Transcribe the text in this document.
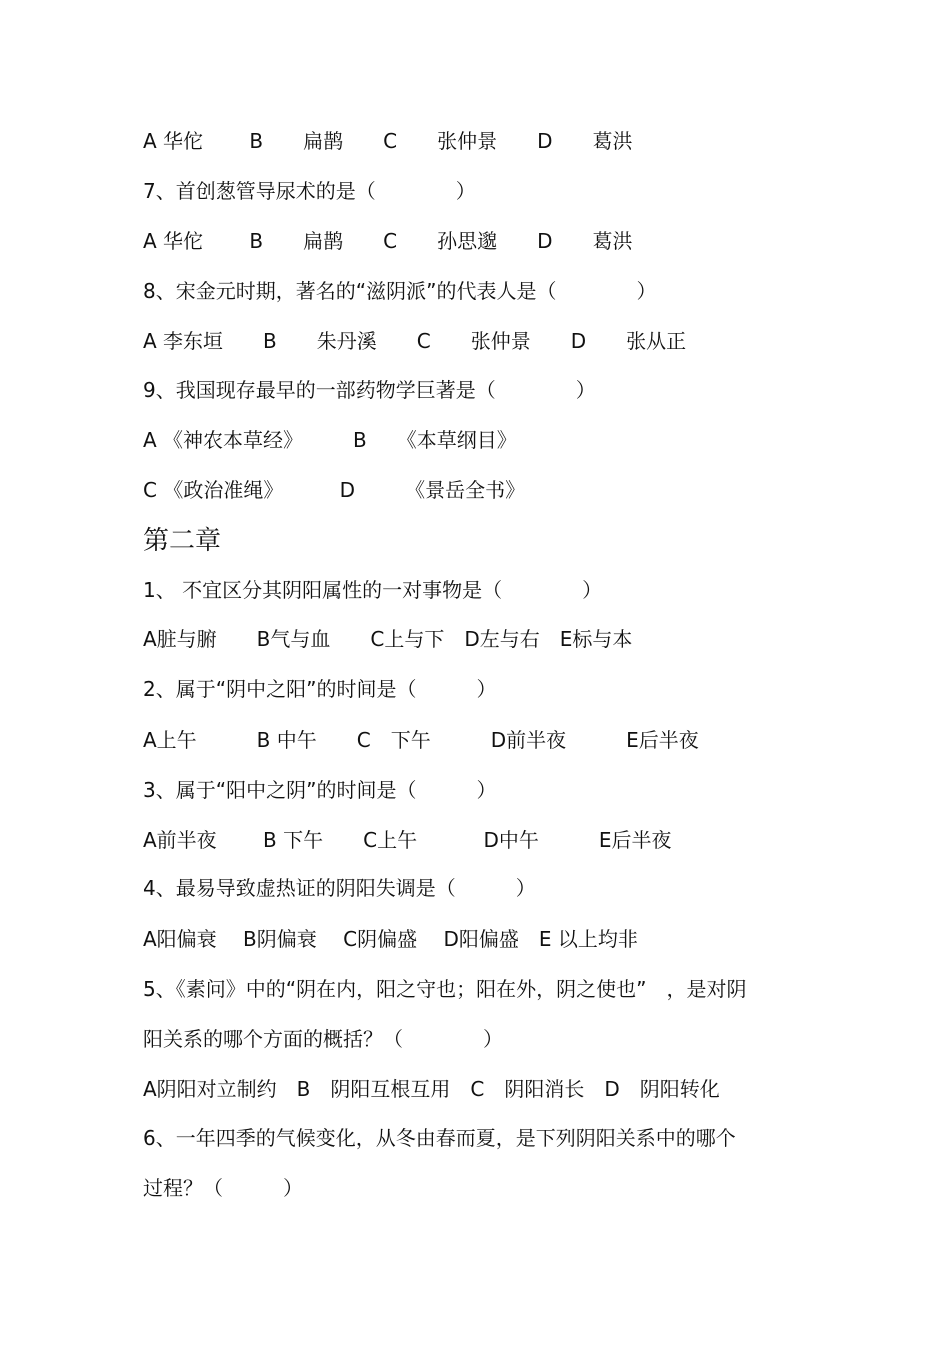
A 华佗　　 B　　扁鹊　　C　　张仲景　　D　　葛洪

7、首创葱管导尿术的是（　　　　）

A 华佗　　 B　　扁鹊　　C　　孙思邈　　D　　葛洪

8、宋金元时期，著名的“滋阴派”的代表人是（　　　　）

A 李东垣　　B　　朱丹溪　　C　　张仲景　　D　　张从正

9、我国现存最早的一部药物学巨著是（　　　　）

A 《神农本草经》　　　B　　《本草纲目》

C 《政治准绳》　　　 D　　　《景岳全书》

第二章

1、 不宜区分其阴阳属性的一对事物是（　　　　）

A脏与腑　　B气与血　　C上与下　D左与右　E标与本

2、属于“阴中之阳”的时间是（　　　）

A上午　　　B 中午　　C　下午　　　D前半夜　　　E后半夜

3、属于“阳中之阴”的时间是（　　　）

A前半夜　　 B 下午　　C上午　　　 D中午　　　E后半夜

4、最易导致虚热证的阴阳失调是（　　　）

A阳偏衰　 B阴偏衰　 C阴偏盛　 D阳偏盛　E 以上均非

5、《素问》中的“阴在内，阳之守也；阳在外，阴之使也”　，是对阴

阳关系的哪个方面的概括？（　　　　）

A阴阳对立制约　B　阴阳互根互用　C　阴阳消长　D　阴阳转化

6、一年四季的气候变化，从冬由春而夏，是下列阴阳关系中的哪个

过程？（　　　）
